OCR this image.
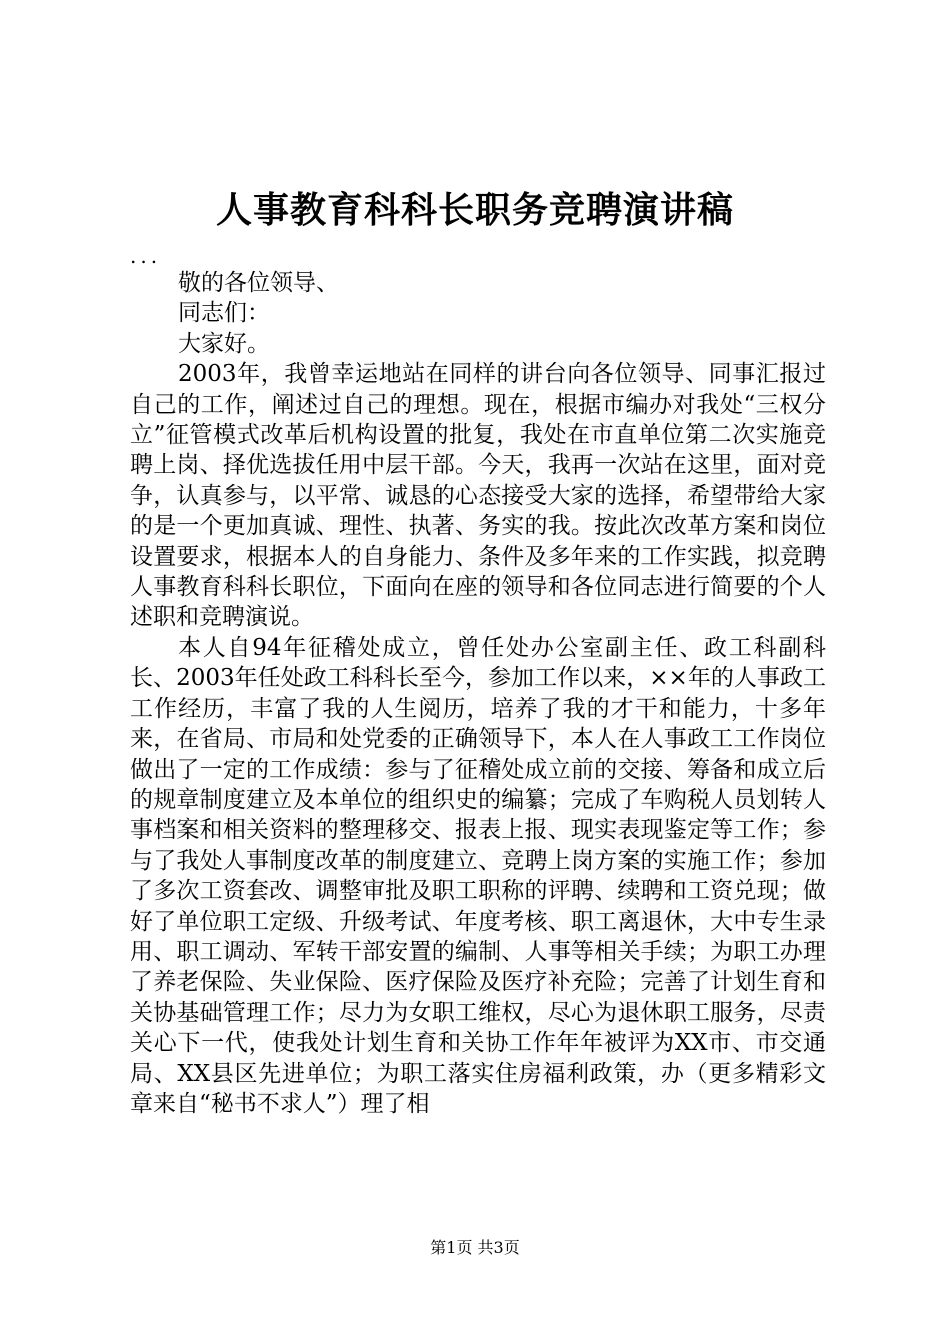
人事教育科科长职务竞聘演讲稿

...

敬的各位领导、

同志们：

大家好。

2003年，我曾幸运地站在同样的讲台向各位领导、同事汇报过自己的工作，阐述过自己的理想。现在，根据市编办对我处“三权分立”征管模式改革后机构设置的批复，我处在市直单位第二次实施竞聘上岗、择优选拔任用中层干部。今天，我再一次站在这里，面对竞争，认真参与，以平常、诚恳的心态接受大家的选择，希望带给大家的是一个更加真诚、理性、执著、务实的我。按此次改革方案和岗位设置要求，根据本人的自身能力、条件及多年来的工作实践，拟竞聘人事教育科科长职位，下面向在座的领导和各位同志进行简要的个人述职和竞聘演说。

本人自94年征稽处成立，曾任处办公室副主任、政工科副科长、2003年任处政工科科长至今，参加工作以来，××年的人事政工工作经历，丰富了我的人生阅历，培养了我的才干和能力，十多年来，在省局、市局和处党委的正确领导下，本人在人事政工工作岗位做出了一定的工作成绩：参与了征稽处成立前的交接、筹备和成立后的规章制度建立及本单位的组织史的编纂；完成了车购税人员划转人事档案和相关资料的整理移交、报表上报、现实表现鉴定等工作；参与了我处人事制度改革的制度建立、竞聘上岗方案的实施工作；参加了多次工资套改、调整审批及职工职称的评聘、续聘和工资兑现；做好了单位职工定级、升级考试、年度考核、职工离退休，大中专生录用、职工调动、军转干部安置的编制、人事等相关手续；为职工办理了养老保险、失业保险、医疗保险及医疗补充险；完善了计划生育和关协基础管理工作；尽力为女职工维权，尽心为退休职工服务，尽责关心下一代，使我处计划生育和关协工作年年被评为XX市、市交通局、XX县区先进单位；为职工落实住房福利政策，办（更多精彩文章来自“秘书不求人”）理了相

第1页 共3页
